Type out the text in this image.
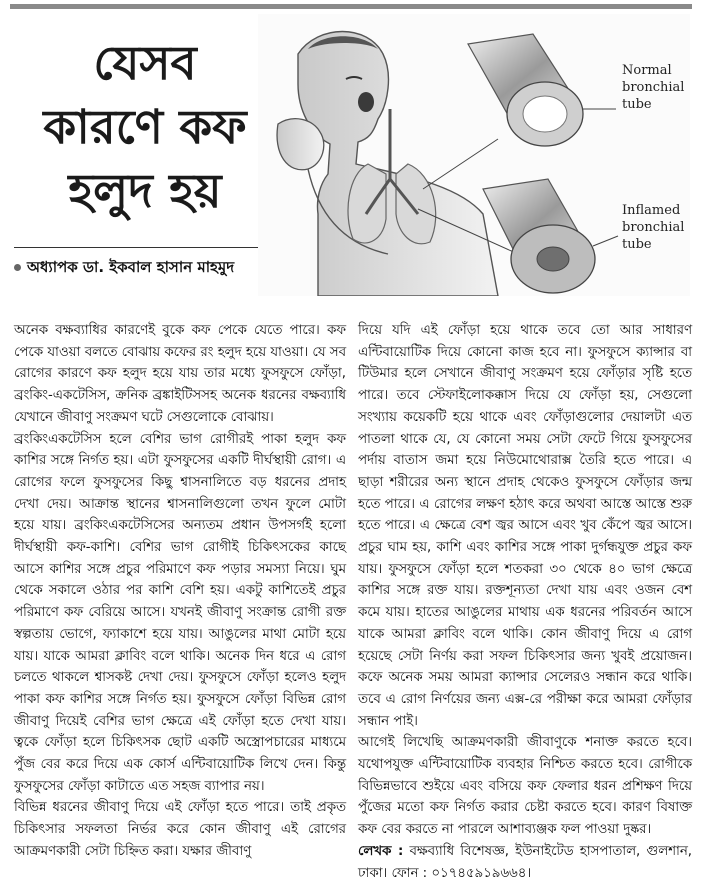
যেসব
কারণে কফ
হলুদ হয়
অধ্যাপক ডা. ইকবাল হাসান মাহমুদ
Normal
bronchial
tube
Inflamed
bronchial
tube

অনেক বক্ষব্যাধির কারণেই বুকে কফ পেকে যেতে পারে। কফ পেকে যাওয়া বলতে বোঝায় কফের রং হলুদ হয়ে যাওয়া। যে সব রোগের কারণে কফ হলুদ হয়ে যায় তার মধ্যে ফুসফুসে ফোঁড়া, ব্রংকিং-একটেসিস, ক্রনিক ব্রঙ্কাইটিসসহ অনেক ধরনের বক্ষব্যাধি যেখানে জীবাণু সংক্রমণ ঘটে সেগুলোকে বোঝায়।

ব্রংকিংএকটেসিস হলে বেশির ভাগ রোগীরই পাকা হলুদ কফ কাশির সঙ্গে নির্গত হয়। এটা ফুসফুসের একটি দীর্ঘস্থায়ী রোগ। এ রোগের ফলে ফুসফুসের কিছু শ্বাসনালিতে বড় ধরনের প্রদাহ দেখা দেয়। আক্রান্ত স্থানের শ্বাসনালিগুলো তখন ফুলে মোটা হয়ে যায়। ব্রংকিংএকটেসিসের অন্যতম প্রধান উপসর্গই হলো দীর্ঘস্থায়ী কফ-কাশি। বেশির ভাগ রোগীই চিকিৎসকের কাছে আসে কাশির সঙ্গে প্রচুর পরিমাণে কফ পড়ার সমস্যা নিয়ে। ঘুম থেকে সকালে ওঠার পর কাশি বেশি হয়। একটু কাশিতেই প্রচুর পরিমাণে কফ বেরিয়ে আসে। যখনই জীবাণু সংক্রান্ত রোগী রক্ত স্বল্পতায় ভোগে, ফ্যাকাশে হয়ে যায়। আঙুলের মাথা মোটা হয়ে যায়। যাকে আমরা ক্লাবিং বলে থাকি। অনেক দিন ধরে এ রোগ চলতে থাকলে শ্বাসকষ্ট দেখা দেয়। ফুসফুসে ফোঁড়া হলেও হলুদ পাকা কফ কাশির সঙ্গে নির্গত হয়। ফুসফুসে ফোঁড়া বিভিন্ন রোগ জীবাণু দিয়েই বেশির ভাগ ক্ষেত্রে এই ফোঁড়া হতে দেখা যায়। ত্বকে ফোঁড়া হলে চিকিৎসক ছোট একটি অস্ত্রোপচারের মাধ্যমে পুঁজ বের করে দিয়ে এক কোর্স এন্টিবায়োটিক লিখে দেন। কিন্তু ফুসফুসের ফোঁড়া কাটাতে এত সহজ ব্যাপার নয়।

বিভিন্ন ধরনের জীবাণু দিয়ে এই ফোঁড়া হতে পারে। তাই প্রকৃত চিকিৎসার সফলতা নির্ভর করে কোন জীবাণু এই রোগের আক্রমণকারী সেটা চিহ্নিত করা। যক্ষার জীবাণু

দিয়ে যদি এই ফোঁড়া হয়ে থাকে তবে তো আর সাধারণ এন্টিবায়োটিক দিয়ে কোনো কাজ হবে না। ফুসফুসে ক্যান্সার বা টিউমার হলে সেখানে জীবাণু সংক্রমণ হয়ে ফোঁড়ার সৃষ্টি হতে পারে। তবে স্টেফাইলোকক্কাস দিয়ে যে ফোঁড়া হয়, সেগুলো সংখ্যায় কয়েকটি হয়ে থাকে এবং ফোঁড়াগুলোর দেয়ালটা এত পাতলা থাকে যে, যে কোনো সময় সেটা ফেটে গিয়ে ফুসফুসের পর্দায় বাতাস জমা হয়ে নিউমোথোরাক্স তৈরি হতে পারে। এ ছাড়া শরীরের অন্য স্থানে প্রদাহ থেকেও ফুসফুসে ফোঁড়ার জন্ম হতে পারে। এ রোগের লক্ষণ হঠাৎ করে অথবা আস্তে আস্তে শুরু হতে পারে। এ ক্ষেত্রে বেশ জ্বর আসে এবং খুব কেঁপে জ্বর আসে। প্রচুর ঘাম হয়, কাশি এবং কাশির সঙ্গে পাকা দুর্গন্ধযুক্ত প্রচুর কফ যায়। ফুসফুসে ফোঁড়া হলে শতকরা ৩০ থেকে ৪০ ভাগ ক্ষেত্রে কাশির সঙ্গে রক্ত যায়। রক্তশূন্যতা দেখা যায় এবং ওজন বেশ কমে যায়। হাতের আঙুলের মাথায় এক ধরনের পরিবর্তন আসে যাকে আমরা ক্লাবিং বলে থাকি। কোন জীবাণু দিয়ে এ রোগ হয়েছে সেটা নির্ণয় করা সফল চিকিৎসার জন্য খুবই প্রয়োজন। কফে অনেক সময় আমরা ক্যান্সার সেলেরও সন্ধান করে থাকি। তবে এ রোগ নির্ণয়ের জন্য এক্স-রে পরীক্ষা করে আমরা ফোঁড়ার সন্ধান পাই।

আগেই লিখেছি আক্রমণকারী জীবাণুকে শনাক্ত করতে হবে। যথোপযুক্ত এন্টিবায়োটিক ব্যবহার নিশ্চিত করতে হবে। রোগীকে বিভিন্নভাবে শুইয়ে এবং বসিয়ে কফ ফেলার ধরন প্রশিক্ষণ দিয়ে পুঁজের মতো কফ নির্গত করার চেষ্টা করতে হবে। কারণ বিষাক্ত কফ বের করতে না পারলে আশাব্যঞ্জক ফল পাওয়া দুষ্কর।

লেখক : বক্ষব্যাধি বিশেষজ্ঞ, ইউনাইটেড হাসপাতাল, গুলশান, ঢাকা। ফোন : ০১৭৪৫৯১৯৬৬৪।
